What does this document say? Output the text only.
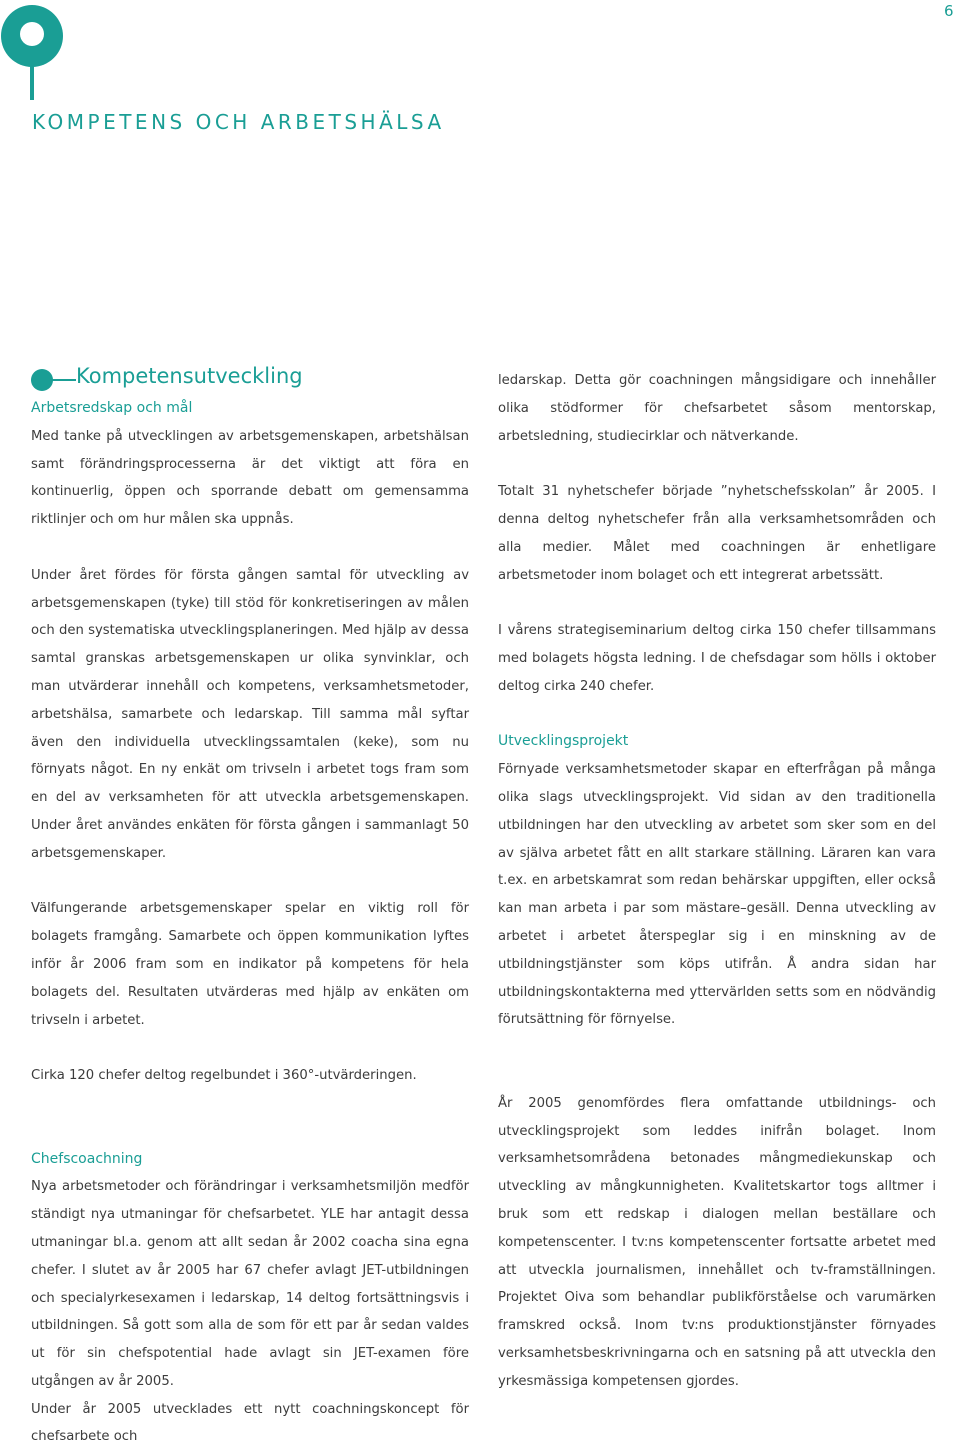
6
KOMPETENS OCH ARBETSHÄLSA
Kompetensutveckling
Arbetsredskap och mål

Med tanke på utvecklingen av arbetsgemenskapen, arbetshälsan samt förändringsprocesserna är det viktigt att föra en kontinuerlig, öppen och sporrande debatt om gemensamma riktlinjer och om hur målen ska uppnås.

Under året fördes för första gången samtal för utveckling av arbetsgemenskapen (tyke) till stöd för konkretiseringen av målen och den systematiska utvecklingsplaneringen. Med hjälp av dessa samtal granskas arbetsgemenskapen ur olika synvinklar, och man utvärderar innehåll och kompetens, verksamhetsmetoder, arbetshälsa, samarbete och ledarskap. Till samma mål syftar även den individuella utvecklingssamtalen (keke), som nu förnyats något. En ny enkät om trivseln i arbetet togs fram som en del av verksamheten för att utveckla arbetsgemenskapen. Under året användes enkäten för första gången i sammanlagt 50 arbetsgemenskaper.

Välfungerande arbetsgemenskaper spelar en viktig roll för bolagets framgång. Samarbete och öppen kommunikation lyftes inför år 2006 fram som en indikator på kompetens för hela bolagets del. Resultaten utvärderas med hjälp av enkäten om trivseln i arbetet.

Cirka 120 chefer deltog regelbundet i 360°-utvärderingen.

Chefscoachning

Nya arbetsmetoder och förändringar i verksamhetsmiljön medför ständigt nya utmaningar för chefsarbetet. YLE har antagit dessa utmaningar bl.a. genom att allt sedan år 2002 coacha sina egna chefer. I slutet av år 2005 har 67 chefer avlagt JET-utbildningen och specialyrkesexamen i ledarskap, 14 deltog fortsättningsvis i utbildningen. Så gott som alla de som för ett par år sedan valdes ut för sin chefspotential hade avlagt sin JET-examen före utgången av år 2005.

Under år 2005 utvecklades ett nytt coachningskoncept för chefsarbete och

ledarskap. Detta gör coachningen mångsidigare och innehåller olika stödformer för chefsarbetet såsom mentorskap, arbetsledning, studiecirklar och nätverkande.

Totalt 31 nyhetschefer började ”nyhetschefsskolan” år 2005. I denna deltog nyhetschefer från alla verksamhetsområden och alla medier. Målet med coachningen är enhetligare arbetsmetoder inom bolaget och ett integrerat arbetssätt.

I vårens strategiseminarium deltog cirka 150 chefer tillsammans med bolagets högsta ledning. I de chefsdagar som hölls i oktober deltog cirka 240 chefer.

Utvecklingsprojekt

Förnyade verksamhetsmetoder skapar en efterfrågan på många olika slags utvecklingsprojekt. Vid sidan av den traditionella utbildningen har den utveckling av arbetet som sker som en del av själva arbetet fått en allt starkare ställning. Läraren kan vara t.ex. en arbetskamrat som redan behärskar uppgiften, eller också kan man arbeta i par som mästare–gesäll. Denna utveckling av arbetet i arbetet återspeglar sig i en minskning av de utbildningstjänster som köps utifrån. Å andra sidan har utbildningskontakterna med yttervärlden setts som en nödvändig förutsättning för förnyelse.

År 2005 genomfördes flera omfattande utbildnings- och utvecklingsprojekt som leddes inifrån bolaget. Inom verksamhetsområdena betonades mångmediekunskap och utveckling av mångkunnigheten. Kvalitetskartor togs alltmer i bruk som ett redskap i dialogen mellan beställare och kompetenscenter. I tv:ns kompetenscenter fortsatte arbetet med att utveckla journalismen, innehållet och tv-framställningen. Projektet Oiva som behandlar publikförståelse och varumärken framskred också. Inom tv:ns produktionstjänster förnyades verksamhetsbeskrivningarna och en satsning på att utveckla den yrkesmässiga kompetensen gjordes.
